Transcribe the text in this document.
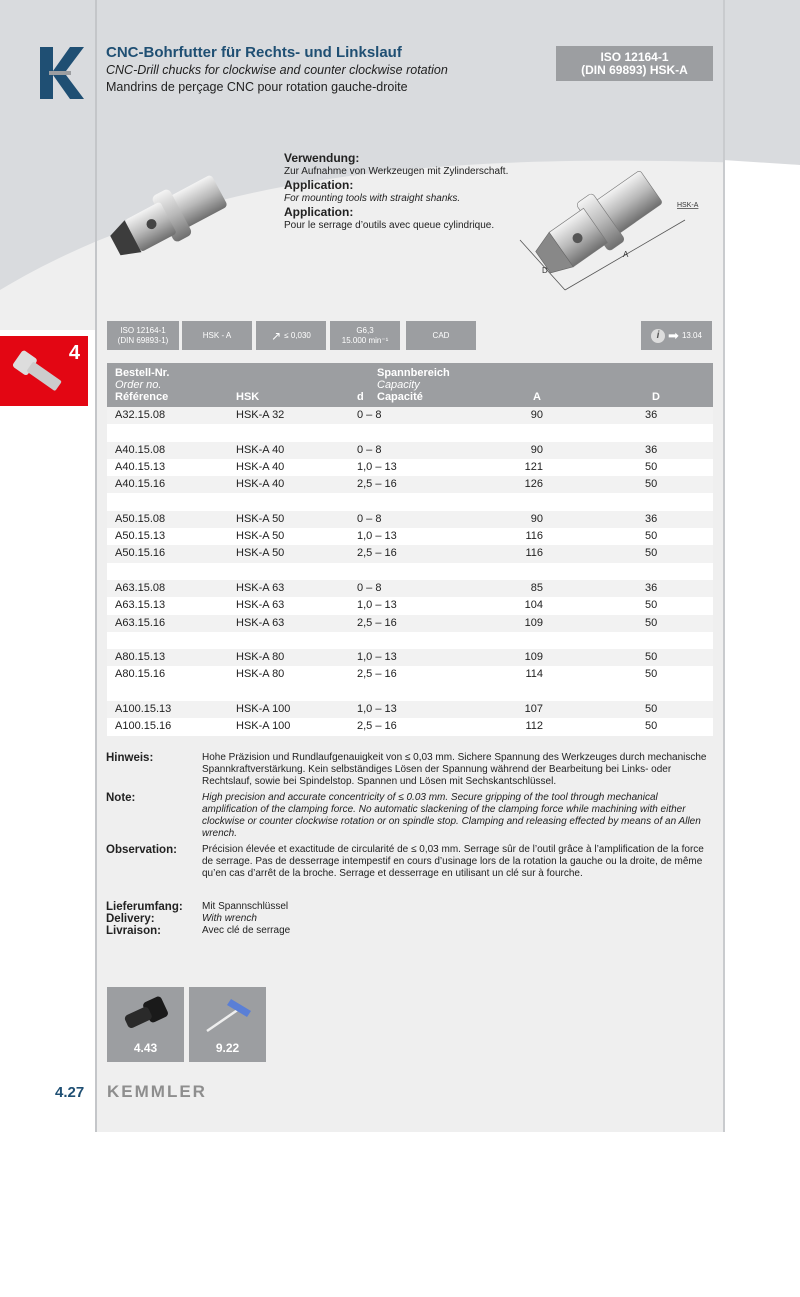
CNC-Bohrfutter für Rechts- und Linkslauf
CNC-Drill chucks for clockwise and counter clockwise rotation
Mandrins de perçage CNC pour rotation gauche-droite
ISO 12164-1
(DIN 69893) HSK-A
Verwendung:
Zur Aufnahme von Werkzeugen mit Zylinderschaft.
Application:
For mounting tools with straight shanks.
Application:
Pour le serrage d’outils avec queue cylindrique.
D
A
HSK-A
4
ISO 12164-1
(DIN 69893-1)
HSK - A	↗ ≤ 0,030
G6,3
15.000 min⁻¹
CAD	i ➡ 13.04
Bestell-Nr.
Order no.
Référence	HSK	d
Spannbereich
Capacity
Capacité	A	D
A32.15.08	HSK-A 32	0 – 8	90	36
A40.15.08	HSK-A 40	0 – 8	90	36
A40.15.13	HSK-A 40	1,0 – 13	121	50
A40.15.16	HSK-A 40	2,5 – 16	126	50
A50.15.08	HSK-A 50	0 – 8	90	36
A50.15.13	HSK-A 50	1,0 – 13	116	50
A50.15.16	HSK-A 50	2,5 – 16	116	50
A63.15.08	HSK-A 63	0 – 8	85	36
A63.15.13	HSK-A 63	1,0 – 13	104	50
A63.15.16	HSK-A 63	2,5 – 16	109	50
A80.15.13	HSK-A 80	1,0 – 13	109	50
A80.15.16	HSK-A 80	2,5 – 16	114	50
A100.15.13	HSK-A 100	1,0 – 13	107	50
A100.15.16	HSK-A 100	2,5 – 16	112	50
Hinweis:	Hohe Präzision und Rundlaufgenauigkeit von ≤ 0,03 mm. Sichere Spannung des Werkzeuges durch mechanische Spannkraftverstärkung. Kein selbständiges Lösen der Spannung während der Bearbeitung bei Links- oder Rechtslauf, sowie bei Spindelstop. Spannen und Lösen mit Sechskantschlüssel.
Note:	High precision and accurate concentricity of ≤ 0.03 mm. Secure gripping of the tool through mechanical amplification of the clamping force. No automatic slackening of the clamping force while machining with either clockwise or counter clockwise rotation or on spindle stop. Clamping and releasing effected by means of an Allen wrench.
Observation:	Précision élevée et exactitude de circularité de ≤ 0,03 mm. Serrage sûr de l’outil grâce à l’amplification de la force de serrage. Pas de desserrage intempestif en cours d’usinage lors de la rotation la gauche ou la droite, de même qu’en cas d’arrêt de la broche. Serrage et desserrage en utilisant un clé sur à fourche.
Lieferumfang:	Mit Spannschlüssel
Delivery:	With wrench
Livraison:	Avec clé de serrage
4.43	9.22
4.27 KEMMLER
